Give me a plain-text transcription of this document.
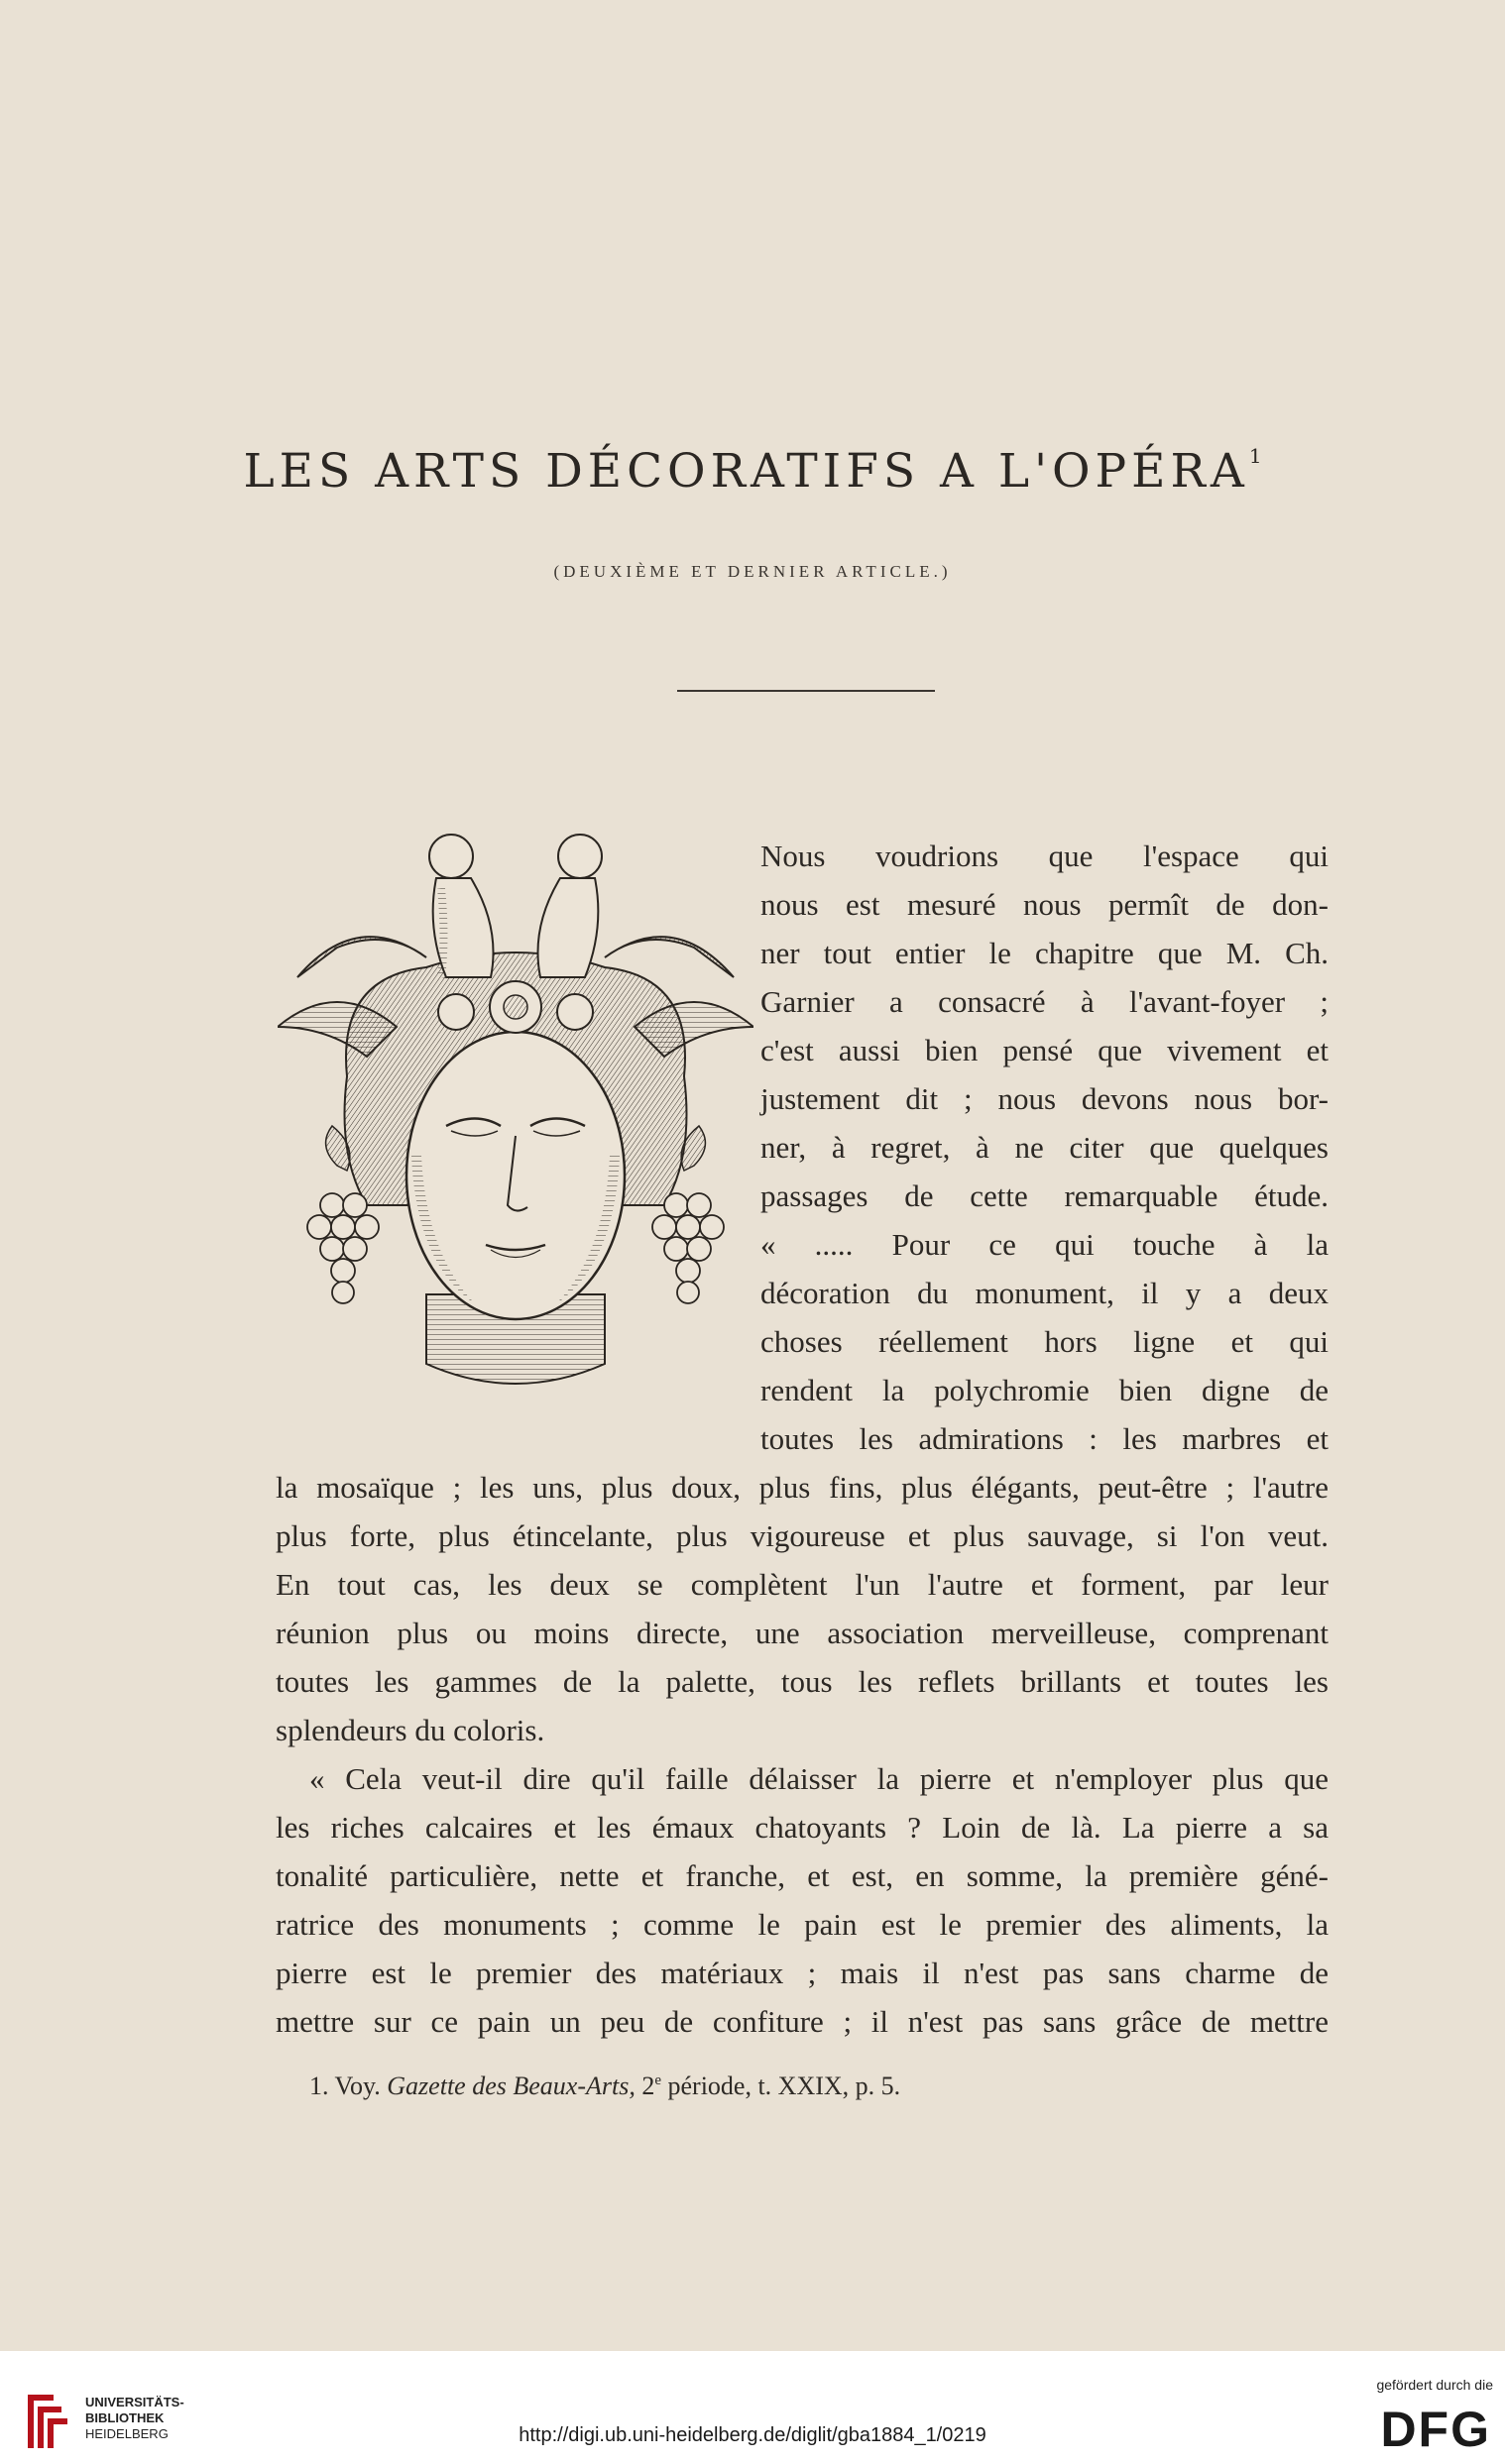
LES ARTS DÉCORATIFS A L'OPÉRA$^1$
(DEUXIÈME ET DERNIER ARTICLE.)
Nous voudrions que l'espace qui
nous est mesuré nous permît de don-
ner tout entier le chapitre que M. Ch.
Garnier a consacré à l'avant-foyer ;
c'est aussi bien pensé que vivement et
justement dit ; nous devons nous bor-
ner, à regret, à ne citer que quelques
passages de cette remarquable étude.
« ..... Pour ce qui touche à la
décoration du monument, il y a deux
choses réellement hors ligne et qui
rendent la polychromie bien digne de
toutes les admirations : les marbres et
la mosaïque ; les uns, plus doux, plus fins, plus élégants, peut-être ; l'autre
plus forte, plus étincelante, plus vigoureuse et plus sauvage, si l'on veut.
En tout cas, les deux se complètent l'un l'autre et forment, par leur
réunion plus ou moins directe, une association merveilleuse, comprenant
toutes les gammes de la palette, tous les reflets brillants et toutes les
splendeurs du coloris.
« Cela veut-il dire qu'il faille délaisser la pierre et n'employer plus que
les riches calcaires et les émaux chatoyants ? Loin de là. La pierre a sa
tonalité particulière, nette et franche, et est, en somme, la première géné-
ratrice des monuments ; comme le pain est le premier des aliments, la
pierre est le premier des matériaux ; mais il n'est pas sans charme de
mettre sur ce pain un peu de confiture ; il n'est pas sans grâce de mettre
1. Voy. Gazette des Beaux-Arts, 2e période, t. XXIX, p. 5.
UNIVERSITÄTS-
BIBLIOTHEK
HEIDELBERG	http://digi.ub.uni-heidelberg.de/diglit/gba1884_1/0219
gefördert durch die
DFG
